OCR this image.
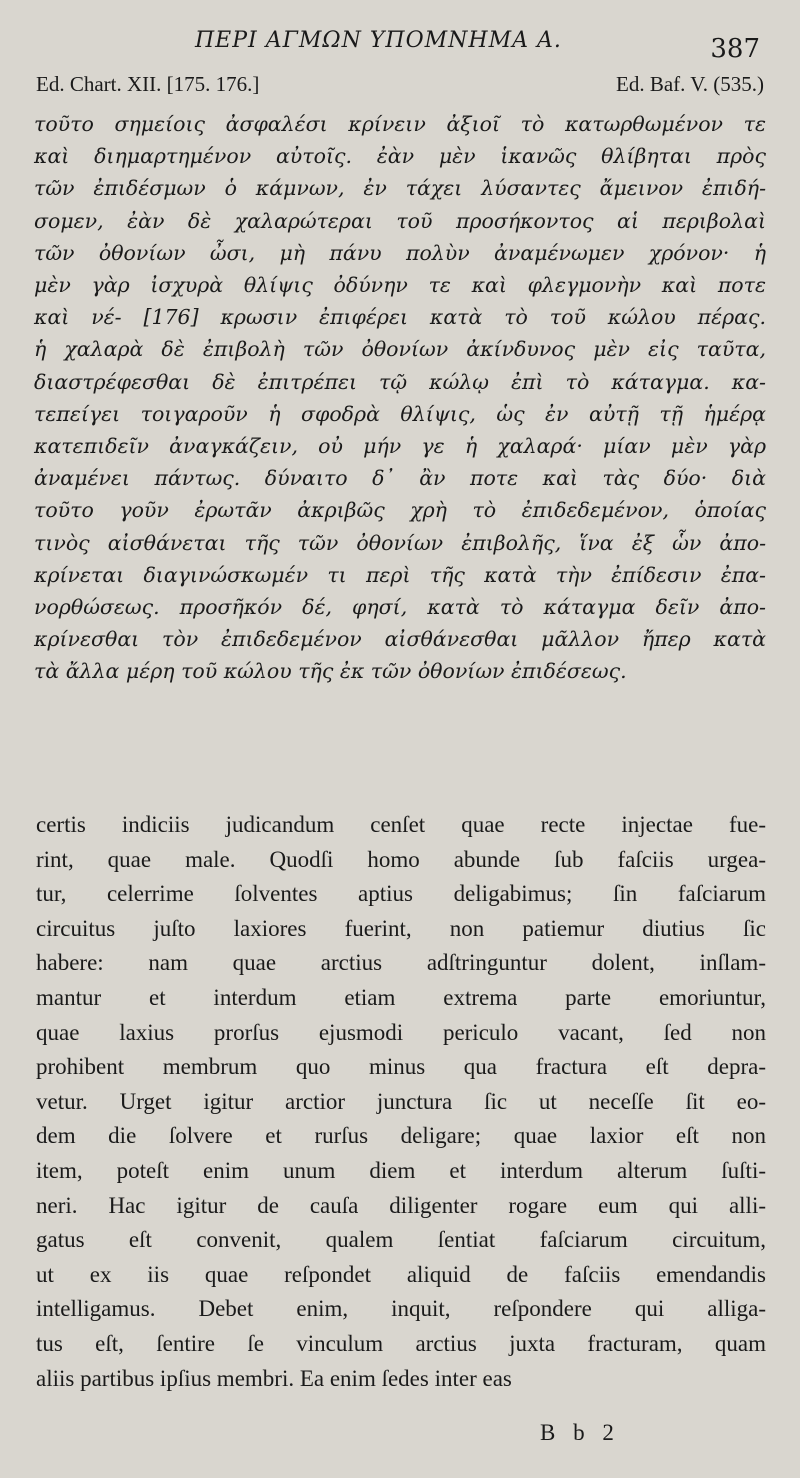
ΠΕΡΙ ΑΓΜΩΝ ΥΠΟΜΝΗΜΑ Α.	387
Ed. Chart. XII. [175. 176.]	Ed. Baf. V. (535.)
τοῦτο σημείοις ἀσφαλέσι κρίνειν ἀξιοῖ τὸ κατωρθωμένον τε
καὶ διημαρτημένον αὐτοῖς. ἐὰν μὲν ἱκανῶς θλίβηται πρὸς
τῶν ἐπιδέσμων ὁ κάμνων, ἐν τάχει λύσαντες ἄμεινον ἐπιδή-
σομεν, ἐὰν δὲ χαλαρώτεραι τοῦ προσήκοντος αἱ περιβολαὶ
τῶν ὀθονίων ὦσι, μὴ πάνυ πολὺν ἀναμένωμεν χρόνον· ἡ
μὲν γὰρ ἰσχυρὰ θλίψις ὀδύνην τε καὶ φλεγμονὴν καὶ ποτε
καὶ νέ- [176] κρωσιν ἐπιφέρει κατὰ τὸ τοῦ κώλου πέρας.
ἡ χαλαρὰ δὲ ἐπιβολὴ τῶν ὀθονίων ἀκίνδυνος μὲν εἰς ταῦτα,
διαστρέφεσθαι δὲ ἐπιτρέπει τῷ κώλῳ ἐπὶ τὸ κάταγμα. κα-
τεπείγει τοιγαροῦν ἡ σφοδρὰ θλίψις, ὡς ἐν αὐτῇ τῇ ἡμέρᾳ
κατεπιδεῖν ἀναγκάζειν, οὐ μήν γε ἡ χαλαρά· μίαν μὲν γὰρ
ἀναμένει πάντως. δύναιτο δ᾽ ἂν ποτε καὶ τὰς δύο· διὰ
τοῦτο γοῦν ἐρωτᾶν ἀκριβῶς χρὴ τὸ ἐπιδεδεμένον, ὁποίας
τινὸς αἰσθάνεται τῆς τῶν ὀθονίων ἐπιβολῆς, ἵνα ἐξ ὧν ἀπο-
κρίνεται διαγινώσκωμέν τι περὶ τῆς κατὰ τὴν ἐπίδεσιν ἐπα-
νορθώσεως. προσῆκόν δέ, φησί, κατὰ τὸ κάταγμα δεῖν ἀπο-
κρίνεσθαι τὸν ἐπιδεδεμένον αἰσθάνεσθαι μᾶλλον ἤπερ κατὰ
τὰ ἄλλα μέρη τοῦ κώλου τῆς ἐκ τῶν ὀθονίων ἐπιδέσεως.
certis indiciis judicandum cenſet quae recte injectae fue-
rint, quae male. Quodſi homo abunde ſub faſciis urgea-
tur, celerrime ſolventes aptius deligabimus; ſin faſciarum
circuitus juſto laxiores fuerint, non patiemur diutius ſic
habere: nam quae arctius adſtringuntur dolent, inſlam-
mantur et interdum etiam extrema parte emoriuntur,
quae laxius prorſus ejusmodi periculo vacant, ſed non
prohibent membrum quo minus qua fractura eſt depra-
vetur. Urget igitur arctior junctura ſic ut neceſſe ſit eo-
dem die ſolvere et rurſus deligare; quae laxior eſt non
item, poteſt enim unum diem et interdum alterum ſuſti-
neri. Hac igitur de cauſa diligenter rogare eum qui alli-
gatus eſt convenit, qualem ſentiat faſciarum circuitum,
ut ex iis quae reſpondet aliquid de faſciis emendandis
intelligamus. Debet enim, inquit, reſpondere qui alliga-
tus eſt, ſentire ſe vinculum arctius juxta fracturam, quam
aliis partibus ipſius membri. Ea enim ſedes inter eas
B b 2
